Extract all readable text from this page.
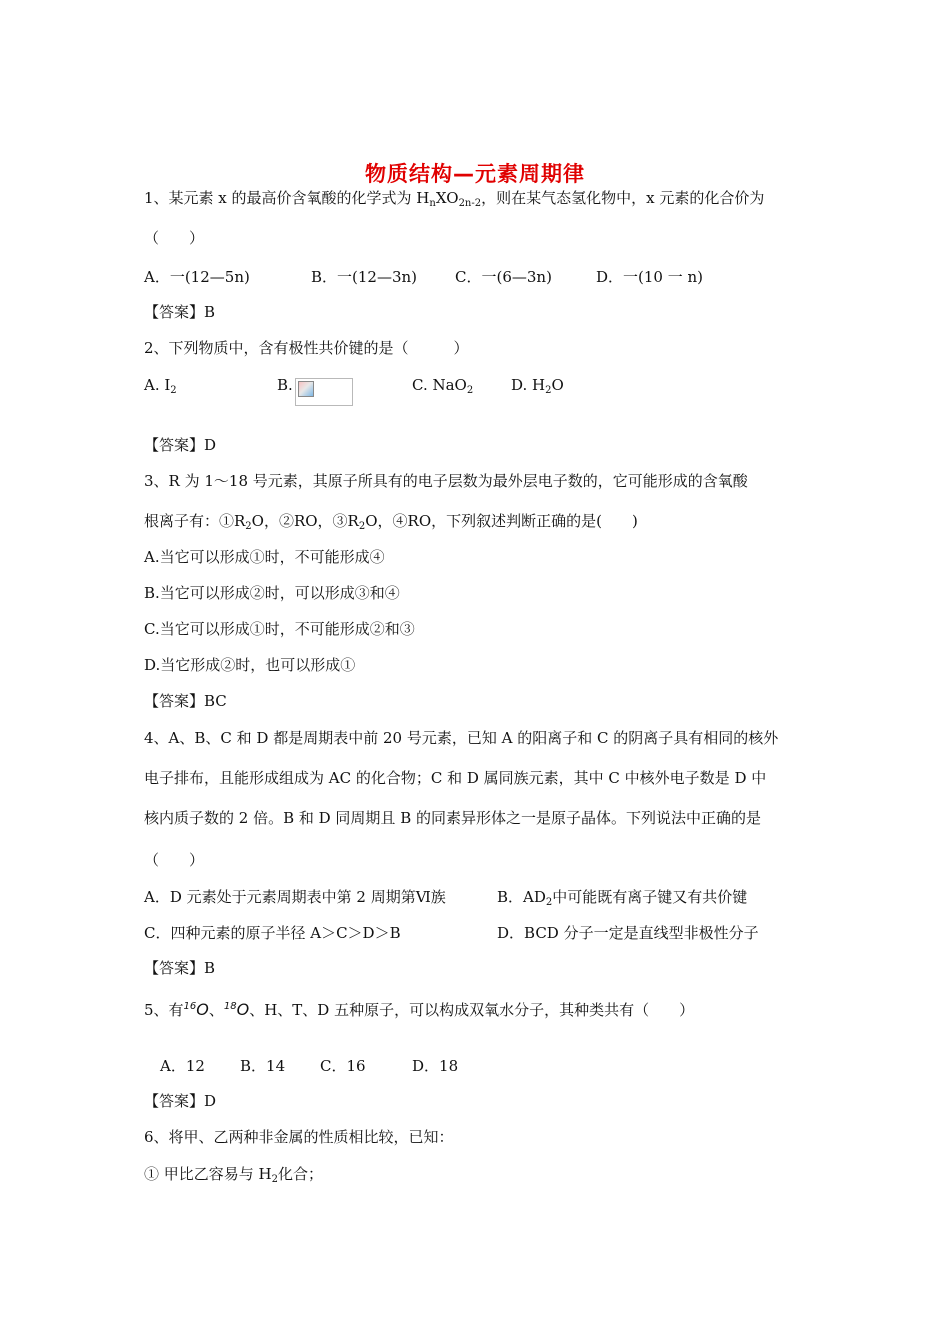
物质结构—元素周期律
1、某元素 x 的最高价含氧酸的化学式为 $H_nXO_{2n-2}$，则在某气态氢化物中，x 元素的化合价为
（　　）
A．一(12—5n)	B．一(12—3n)	C．一(6—3n)	D．一(10 一 n)
【答案】B
2、下列物质中，含有极性共价键的是（　　　）
A. $I_2$	B.	C. NaO$_2$	D. $H_2O$
【答案】D
3、R 为 1～18 号元素，其原子所具有的电子层数为最外层电子数的，它可能形成的含氧酸
根离子有：$①R_2O$，②RO，$③R_2O$，④RO，下列叙述判断正确的是(　　)
A.当它可以形成①时，不可能形成④
B.当它可以形成②时，可以形成③和④
C.当它可以形成①时，不可能形成②和③
D.当它形成②时，也可以形成①
【答案】BC
4、A、B、C 和 D 都是周期表中前 20 号元素，已知 A 的阳离子和 C 的阴离子具有相同的核外
电子排布，且能形成组成为 AC 的化合物；C 和 D 属同族元素，其中 C 中核外电子数是 D 中
核内质子数的 2 倍。B 和 D 同周期且 B 的同素异形体之一是原子晶体。下列说法中正确的是
（　　）
A．D 元素处于元素周期表中第 2 周期第Ⅵ族	B．$AD_2$中可能既有离子键又有共价键
C．四种元素的原子半径 A＞C＞D＞B	D．BCD 分子一定是直线型非极性分子
【答案】B
5、有$^{16}$O、$^{18}$O、H、T、D 五种原子，可以构成双氧水分子，其种类共有（　　）
A．12 B．14 C．16	D．18
【答案】D
6、将甲、乙两种非金属的性质相比较，已知：
① 甲比乙容易与 $H_2$化合；
